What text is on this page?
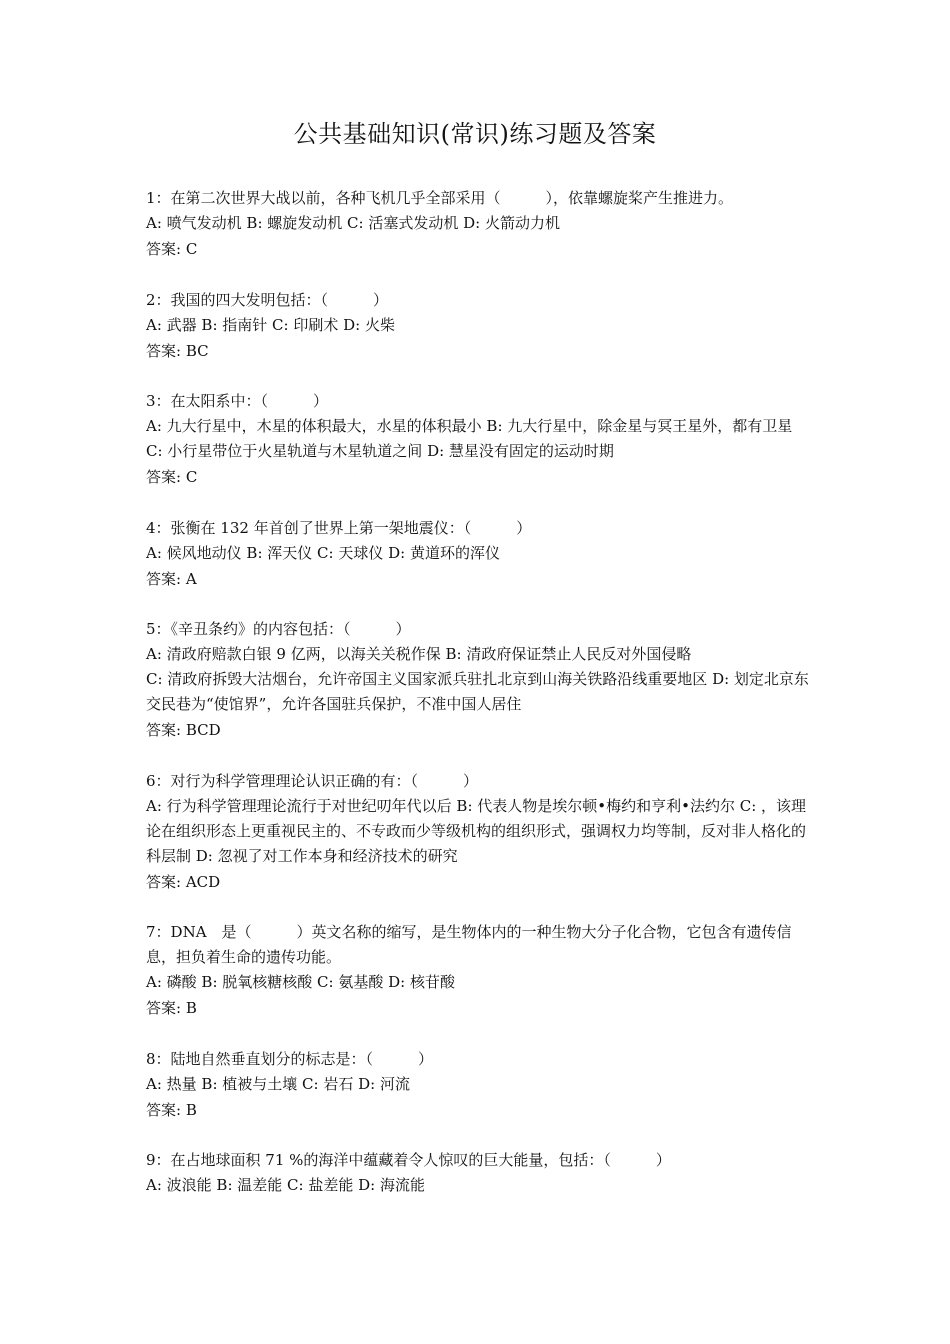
公共基础知识(常识)练习题及答案
1：在第二次世界大战以前，各种飞机几乎全部采用（　　　），依靠螺旋桨产生推进力。
A: 喷气发动机 B: 螺旋发动机 C: 活塞式发动机 D: 火箭动力机
答案: C
2：我国的四大发明包括：（　　　）
A: 武器 B: 指南针 C: 印刷术 D: 火柴
答案: BC
3：在太阳系中：（　　　）
A: 九大行星中，木星的体积最大，水星的体积最小 B: 九大行星中，除金星与冥王星外，都有卫星
C: 小行星带位于火星轨道与木星轨道之间 D: 慧星没有固定的运动时期
答案: C
4：张衡在 132 年首创了世界上第一架地震仪：（　　　）
A: 候风地动仪 B: 浑天仪 C: 天球仪 D: 黄道环的浑仪
答案: A
5：《辛丑条约》的内容包括：（　　　）
A: 清政府赔款白银 9 亿两，以海关关税作保 B: 清政府保证禁止人民反对外国侵略
C: 清政府拆毁大沽烟台，允许帝国主义国家派兵驻扎北京到山海关铁路沿线重要地区 D: 划定北京东交民巷为“使馆界”，允许各国驻兵保护，不准中国人居住
答案: BCD
6：对行为科学管理理论认识正确的有：（　　　）
A: 行为科学管理理论流行于对世纪叨年代以后 B: 代表人物是埃尔顿•梅约和亨利•法约尔 C: ，该理论在组织形态上更重视民主的、不专政而少等级机构的组织形式，强调权力均等制，反对非人格化的科层制 D: 忽视了对工作本身和经济技术的研究
答案: ACD
7：DNA　是（　　　）英文名称的缩写，是生物体内的一种生物大分子化合物，它包含有遗传信息，担负着生命的遗传功能。
A: 磷酸 B: 脱氧核糖核酸 C: 氨基酸 D: 核苷酸
答案: B
8：陆地自然垂直划分的标志是：（　　　）
A: 热量 B: 植被与土壤 C: 岩石 D: 河流
答案: B
9：在占地球面积 71 %的海洋中蕴藏着令人惊叹的巨大能量，包括：（　　　）
A: 波浪能 B: 温差能 C: 盐差能 D: 海流能
